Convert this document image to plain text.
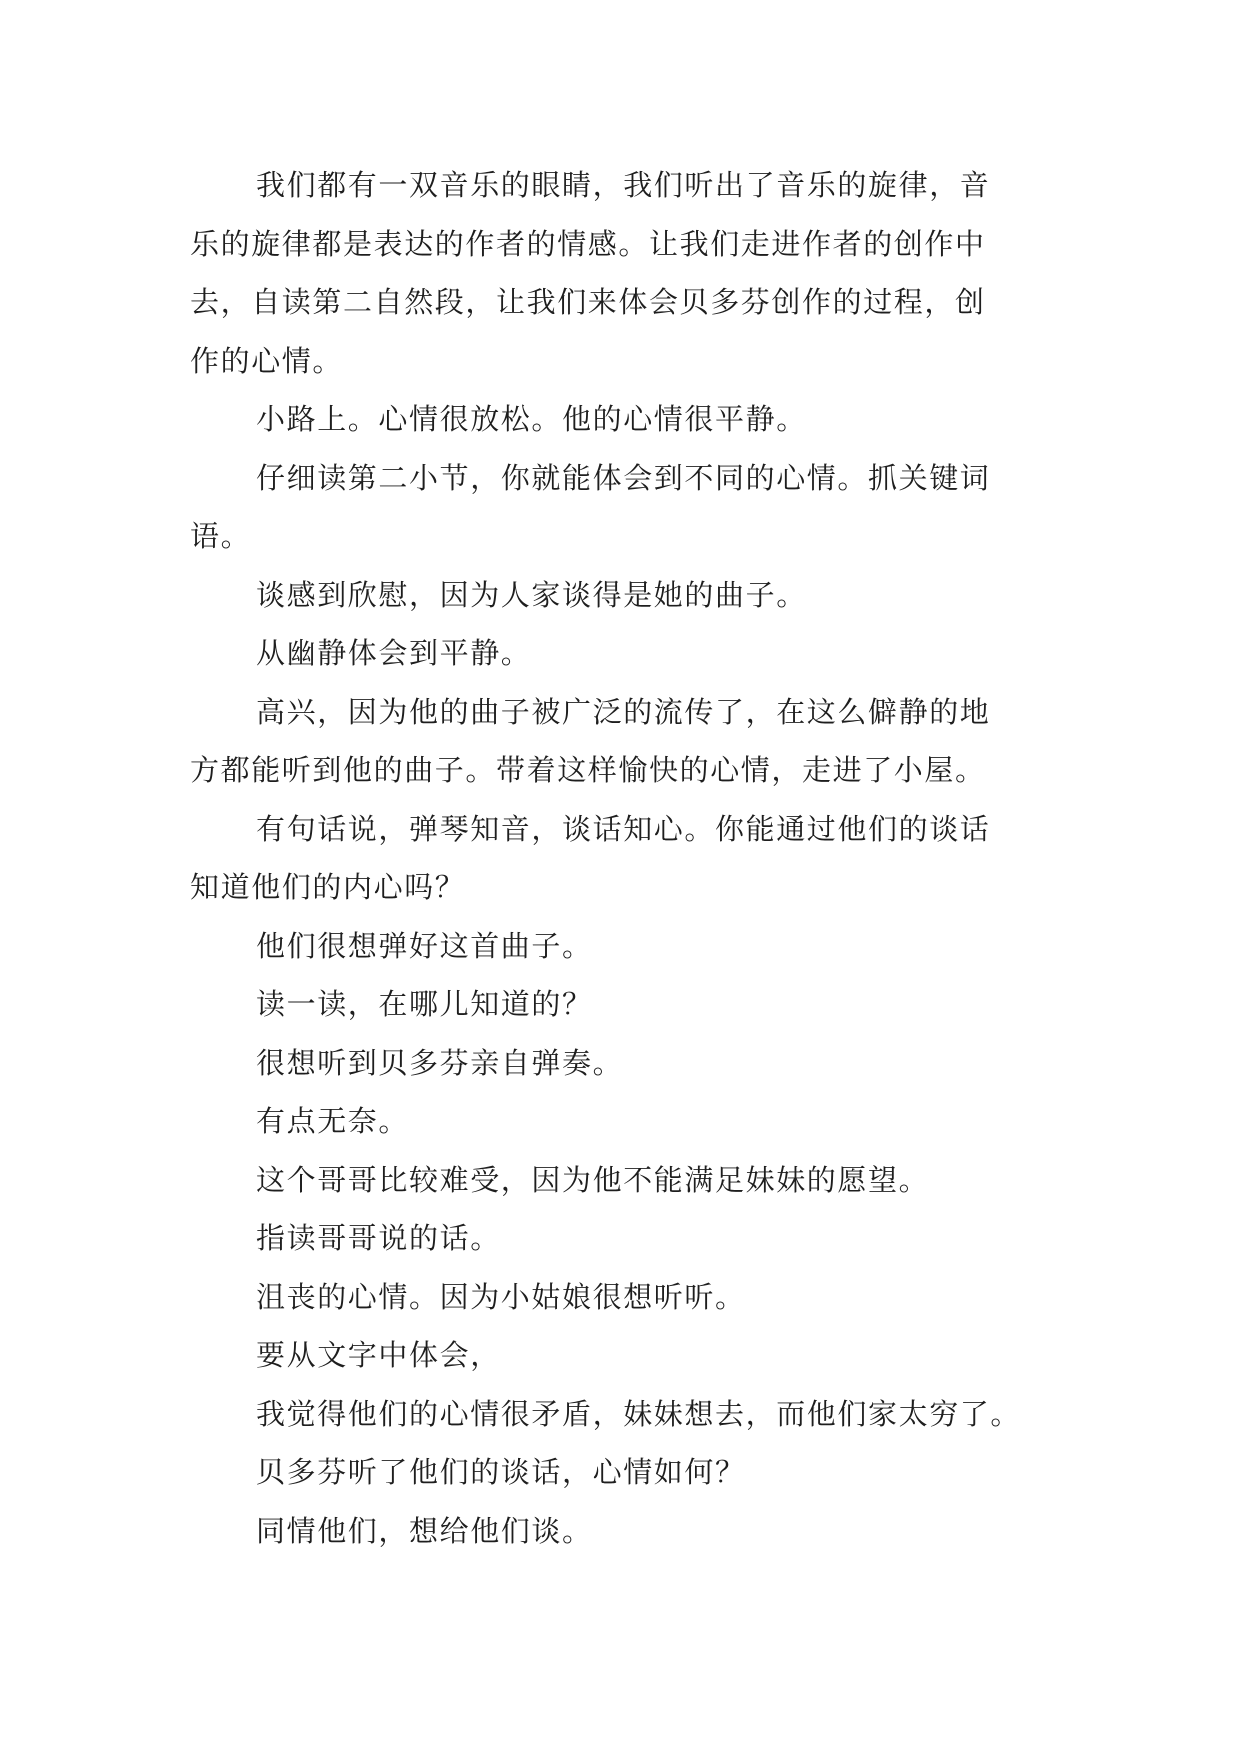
我们都有一双音乐的眼睛，我们听出了音乐的旋律，音
乐的旋律都是表达的作者的情感。让我们走进作者的创作中
去，自读第二自然段，让我们来体会贝多芬创作的过程，创
作的心情。

小路上。心情很放松。他的心情很平静。

仔细读第二小节，你就能体会到不同的心情。抓关键词
语。

谈感到欣慰，因为人家谈得是她的曲子。

从幽静体会到平静。

高兴，因为他的曲子被广泛的流传了，在这么僻静的地
方都能听到他的曲子。带着这样愉快的心情，走进了小屋。

有句话说，弹琴知音，谈话知心。你能通过他们的谈话
知道他们的内心吗？

他们很想弹好这首曲子。

读一读，在哪儿知道的？

很想听到贝多芬亲自弹奏。

有点无奈。

这个哥哥比较难受，因为他不能满足妹妹的愿望。

指读哥哥说的话。

沮丧的心情。因为小姑娘很想听听。

要从文字中体会，

我觉得他们的心情很矛盾，妹妹想去，而他们家太穷了。

贝多芬听了他们的谈话，心情如何？

同情他们，想给他们谈。
